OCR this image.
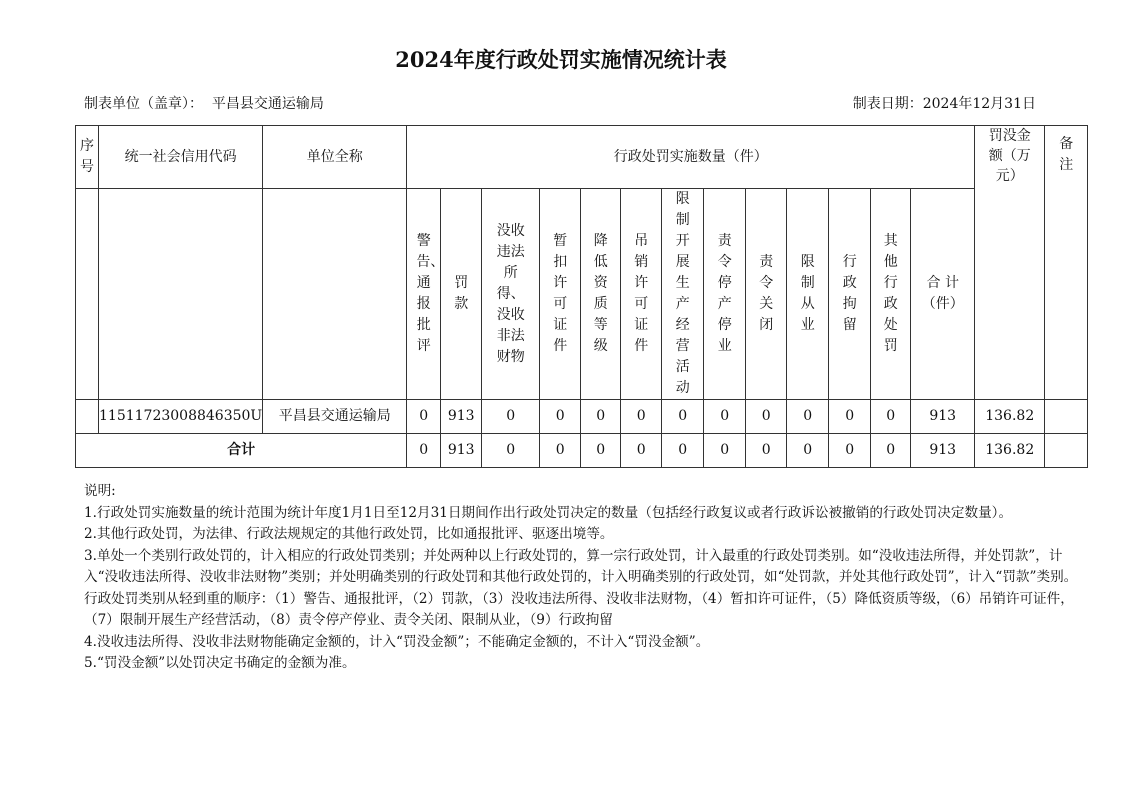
2024年度行政处罚实施情况统计表
制表单位（盖章）： 平昌县交通运输局	制表日期：2024年12月31日
序号	统一社会信用代码	单位全称	行政处罚实施数量（件）													罚没金额（万元）	备注
			警告、通报批评	罚款	没收违法所得、没收非法财物	暂扣许可证件	降低资质等级	吊销许可证件	限制开展生产经营活动	责令停产停业	责令关闭	限制从业	行政拘留	其他行政处罚	合 计（件）		
	11511723008846350U	平昌县交通运输局	0	913	0	0	0	0	0	0	0	0	0	0	913	136.82	
合计			0	913	0	0	0	0	0	0	0	0	0	0	913	136.82	

说明:

1.行政处罚实施数量的统计范围为统计年度1月1日至12月31日期间作出行政处罚决定的数量（包括经行政复议或者行政诉讼被撤销的行政处罚决定数量）。

2.其他行政处罚，为法律、行政法规规定的其他行政处罚，比如通报批评、驱逐出境等。

3.单处一个类别行政处罚的，计入相应的行政处罚类别；并处两种以上行政处罚的，算一宗行政处罚，计入最重的行政处罚类别。如“没收违法所得，并处罚款”，计入“没收违法所得、没收非法财物”类别；并处明确类别的行政处罚和其他行政处罚的，计入明确类别的行政处罚，如“处罚款，并处其他行政处罚”，计入“罚款”类别。行政处罚类别从轻到重的顺序：（1）警告、通报批评，（2）罚款，（3）没收违法所得、没收非法财物，（4）暂扣许可证件，（5）降低资质等级，（6）吊销许可证件，（7）限制开展生产经营活动，（8）责令停产停业、责令关闭、限制从业，（9）行政拘留

4.没收违法所得、没收非法财物能确定金额的，计入“罚没金额”；不能确定金额的，不计入“罚没金额”。

5.“罚没金额”以处罚决定书确定的金额为准。
